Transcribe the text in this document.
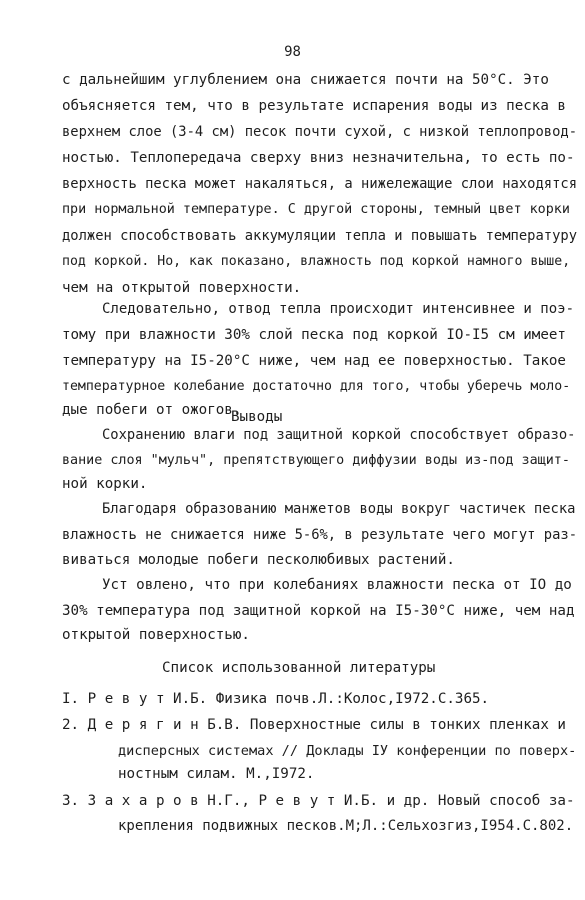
98
с дальнейшим углублением она снижается почти на 50°С. Это
объясняется тем, что в результате испарения воды из песка в
верхнем слое (3-4 см) песок почти сухой, с низкой теплопровод-
ностью. Теплопередача сверху вниз незначительна, то есть по-
верхность песка может накаляться, а нижележащие слои находятся
при нормальной температуре. С другой стороны, темный цвет корки
должен способствовать аккумуляции тепла и повышать температуру
под коркой. Но, как показано, влажность под коркой намного выше,
чем на открытой поверхности.
Следовательно, отвод тепла происходит интенсивнее и поэ-
тому при влажности 30% слой песка под коркой IO-I5 см имеет
температуру на I5-20°С ниже, чем над ее поверхностью. Такое
температурное колебание достаточно для того, чтобы уберечь моло-
дые побеги от ожогов.
Выводы
Сохранению влаги под защитной коркой способствует образо-
вание слоя "мульч", препятствующего диффузии воды из-под защит-
ной корки.
Благодаря образованию манжетов воды вокруг частичек песка
влажность не снижается ниже 5-6%, в результате чего могут раз-
виваться молодые побеги песколюбивых растений.
Уст овлено, что при колебаниях влажности песка от IO до
30% температура под защитной коркой на I5-30°С ниже, чем над
открытой поверхностью.
Список использованной литературы
I. Р е в у т И.Б. Физика почв.Л.:Колос,I972.С.365.
2. Д е р я г и н Б.В. Поверхностные силы в тонких пленках и
дисперсных системах // Доклады IУ конференции по поверх-
ностным силам. М.,I972.
3. З а х а р о в Н.Г., Р е в у т И.Б. и др. Новый способ за-
крепления подвижных песков.М;Л.:Сельхозгиз,I954.С.802.
